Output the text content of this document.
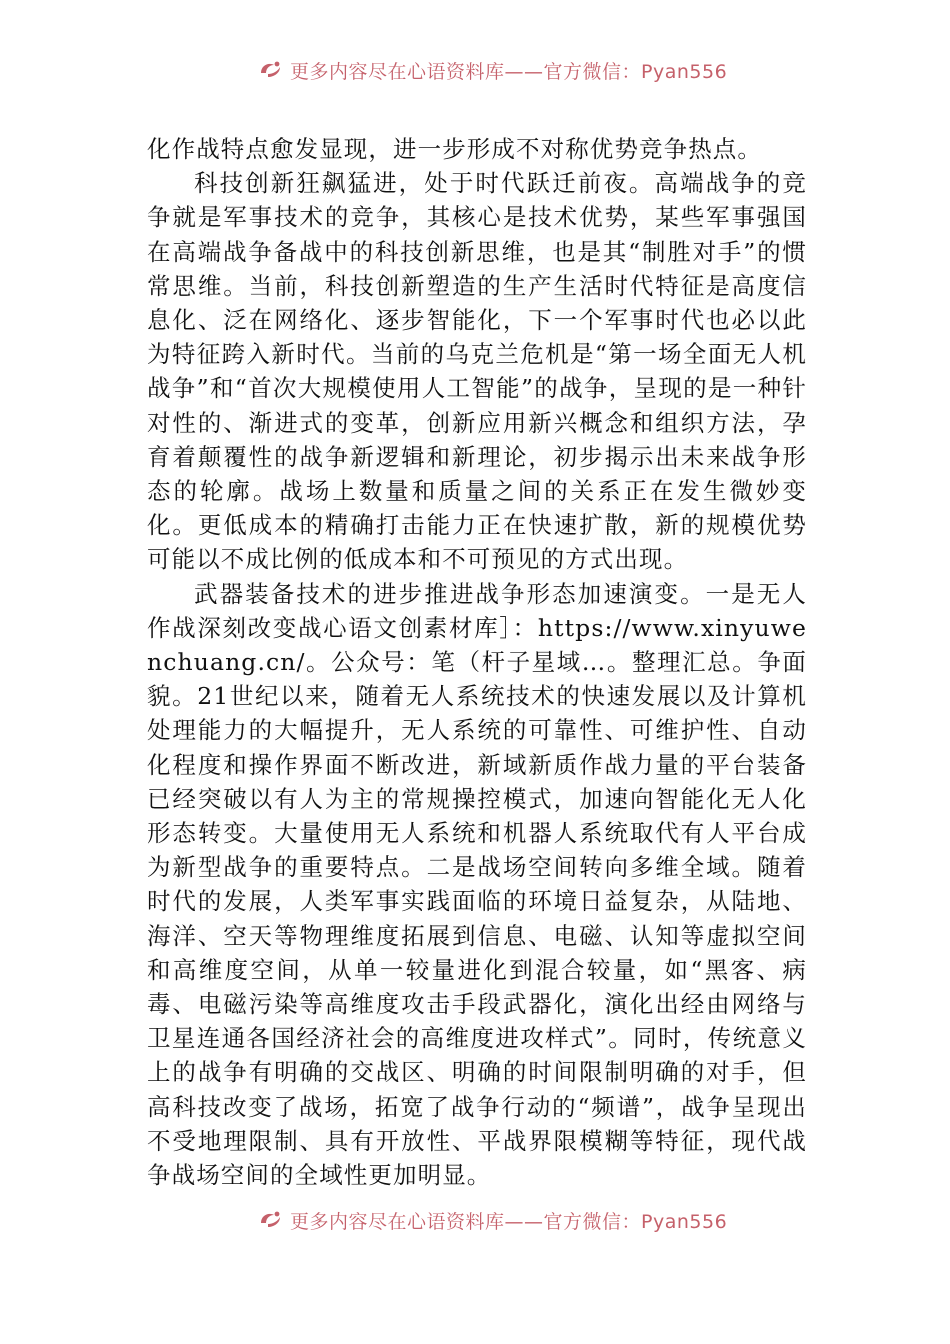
更多内容尽在心语资料库——官方微信：Pyan556

化作战特点愈发显现，进一步形成不对称优势竞争热点。

科技创新狂飙猛进，处于时代跃迁前夜。高端战争的竞争就是军事技术的竞争，其核心是技术优势，某些军事强国在高端战争备战中的科技创新思维，也是其“制胜对手”的惯常思维。当前，科技创新塑造的生产生活时代特征是高度信息化、泛在网络化、逐步智能化，下一个军事时代也必以此为特征跨入新时代。当前的乌克兰危机是“第一场全面无人机战争”和“首次大规模使用人工智能”的战争，呈现的是一种针对性的、渐进式的变革，创新应用新兴概念和组织方法，孕育着颠覆性的战争新逻辑和新理论，初步揭示出未来战争形态的轮廓。战场上数量和质量之间的关系正在发生微妙变化。更低成本的精确打击能力正在快速扩散，新的规模优势可能以不成比例的低成本和不可预见的方式出现。

武器装备技术的进步推进战争形态加速演变。一是无人作战深刻改变战心语文创素材库］：https://www.xinyuwenchuang.cn/。公众号：笔（杆子星域…。整理汇总。争面貌。21世纪以来，随着无人系统技术的快速发展以及计算机处理能力的大幅提升，无人系统的可靠性、可维护性、自动化程度和操作界面不断改进，新域新质作战力量的平台装备已经突破以有人为主的常规操控模式，加速向智能化无人化形态转变。大量使用无人系统和机器人系统取代有人平台成为新型战争的重要特点。二是战场空间转向多维全域。随着时代的发展，人类军事实践面临的环境日益复杂，从陆地、海洋、空天等物理维度拓展到信息、电磁、认知等虚拟空间和高维度空间，从单一较量进化到混合较量，如“黑客、病毒、电磁污染等高维度攻击手段武器化，演化出经由网络与卫星连通各国经济社会的高维度进攻样式”。同时，传统意义上的战争有明确的交战区、明确的时间限制明确的对手，但高科技改变了战场，拓宽了战争行动的“频谱”，战争呈现出不受地理限制、具有开放性、平战界限模糊等特征，现代战争战场空间的全域性更加明显。

更多内容尽在心语资料库——官方微信：Pyan556
